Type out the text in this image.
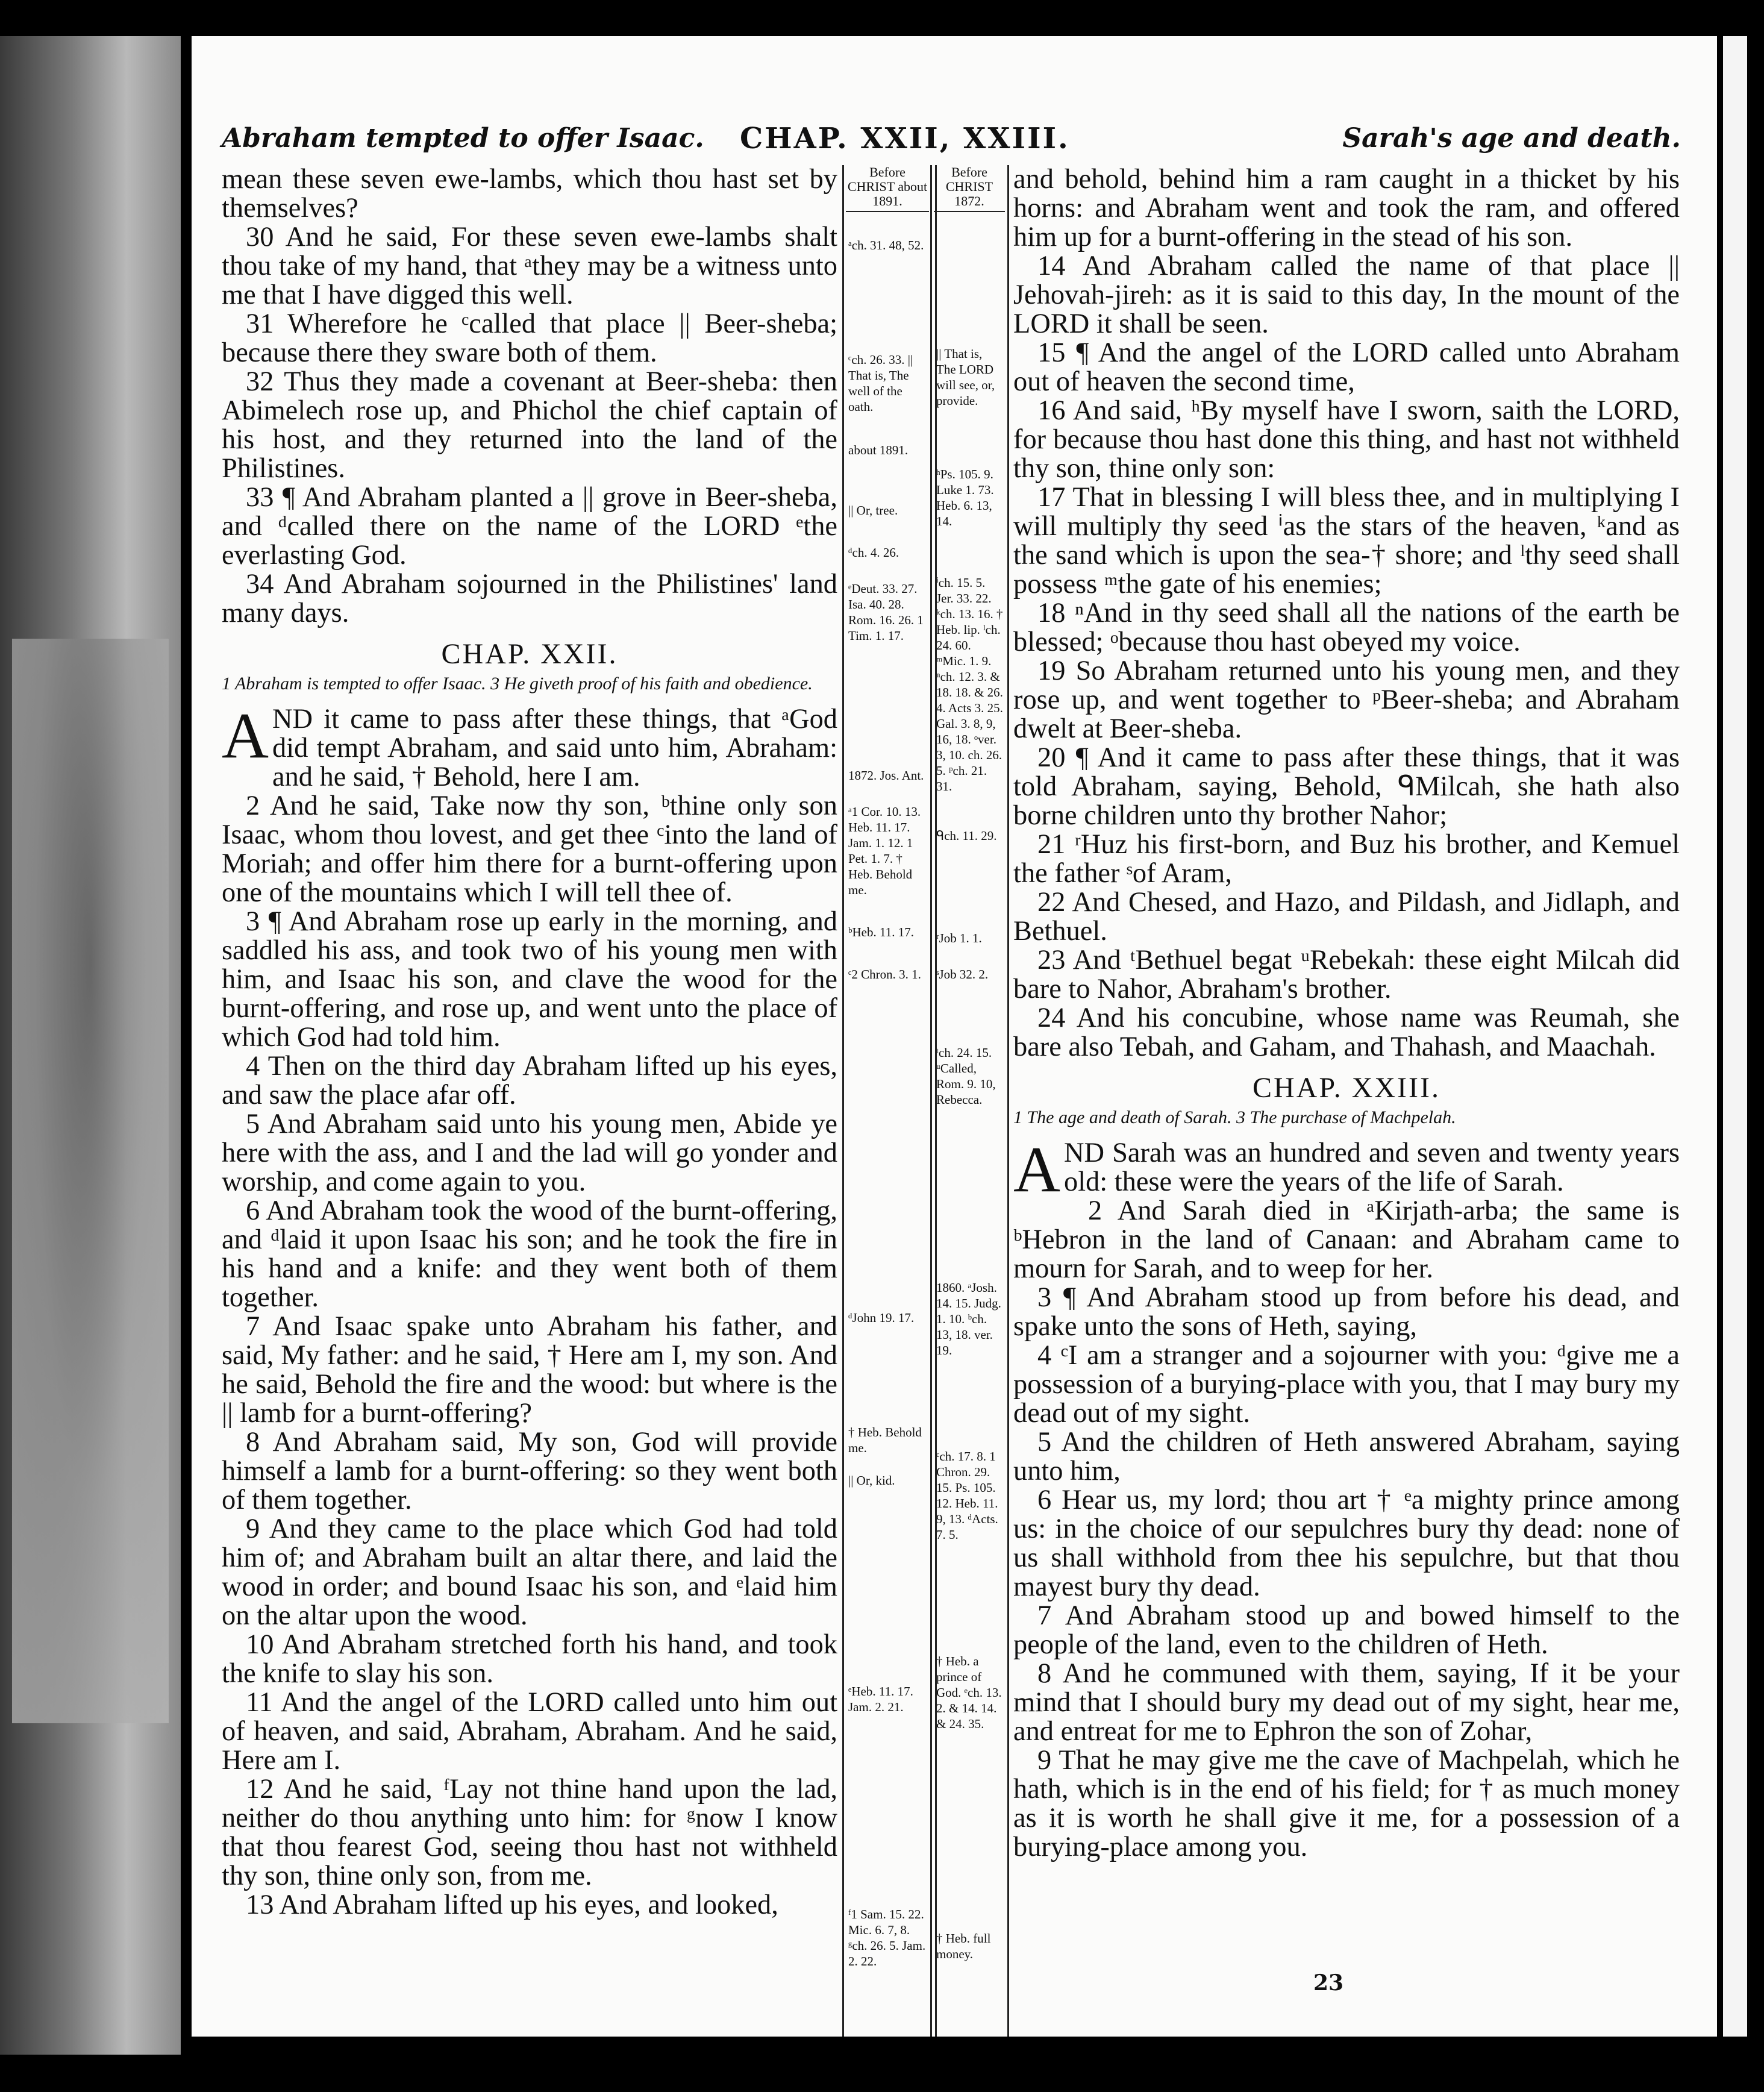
Abraham tempted to offer Isaac. CHAP. XXII, XXIII.	Sarah's age and death.

mean these seven ewe-lambs, which thou hast set by themselves?

30 And he said, For these seven ewe-lambs shalt thou take of my hand, that ᵃthey may be a witness unto me that I have digged this well.

31 Wherefore he ᶜcalled that place || Beer-sheba; because there they sware both of them.

32 Thus they made a covenant at Beer-sheba: then Abimelech rose up, and Phichol the chief captain of his host, and they returned into the land of the Philistines.

33 ¶ And Abraham planted a || grove in Beer-sheba, and ᵈcalled there on the name of the LORD ᵉthe everlasting God.

34 And Abraham sojourned in the Philistines' land many days.

CHAP. XXII.

1 Abraham is tempted to offer Isaac. 3 He giveth proof of his faith and obedience.

AND it came to pass after these things, that ᵃGod did tempt Abraham, and said unto him, Abraham: and he said, † Behold, here I am.

2 And he said, Take now thy son, ᵇthine only son Isaac, whom thou lovest, and get thee ᶜinto the land of Moriah; and offer him there for a burnt-offering upon one of the mountains which I will tell thee of.

3 ¶ And Abraham rose up early in the morning, and saddled his ass, and took two of his young men with him, and Isaac his son, and clave the wood for the burnt-offering, and rose up, and went unto the place of which God had told him.

4 Then on the third day Abraham lifted up his eyes, and saw the place afar off.

5 And Abraham said unto his young men, Abide ye here with the ass, and I and the lad will go yonder and worship, and come again to you.

6 And Abraham took the wood of the burnt-offering, and ᵈlaid it upon Isaac his son; and he took the fire in his hand and a knife: and they went both of them together.

7 And Isaac spake unto Abraham his father, and said, My father: and he said, † Here am I, my son. And he said, Behold the fire and the wood: but where is the || lamb for a burnt-offering?

8 And Abraham said, My son, God will provide himself a lamb for a burnt-offering: so they went both of them together.

9 And they came to the place which God had told him of; and Abraham built an altar there, and laid the wood in order; and bound Isaac his son, and ᵉlaid him on the altar upon the wood.

10 And Abraham stretched forth his hand, and took the knife to slay his son.

11 And the angel of the LORD called unto him out of heaven, and said, Abraham, Abraham. And he said, Here am I.

12 And he said, ᶠLay not thine hand upon the lad, neither do thou anything unto him: for ᵍnow I know that thou fearest God, seeing thou hast not withheld thy son, thine only son, from me.

13 And Abraham lifted up his eyes, and looked,

Before CHRIST about 1891.
ᵃch. 31. 48, 52.
ᶜch. 26. 33. || That is, The well of the oath.
about 1891.
|| Or, tree.
ᵈch. 4. 26.
ᵉDeut. 33. 27. Isa. 40. 28. Rom. 16. 26. 1 Tim. 1. 17.
1872. Jos. Ant.
ᵃ1 Cor. 10. 13. Heb. 11. 17. Jam. 1. 12. 1 Pet. 1. 7. † Heb. Behold me.
ᵇHeb. 11. 17.
ᶜ2 Chron. 3. 1.
ᵈJohn 19. 17.
† Heb. Behold me.
|| Or, kid.
ᵉHeb. 11. 17. Jam. 2. 21.
ᶠ1 Sam. 15. 22. Mic. 6. 7, 8. ᵍch. 26. 5. Jam. 2. 22.
Before CHRIST 1872.
|| That is, The LORD will see, or, provide.
ʰPs. 105. 9. Luke 1. 73. Heb. 6. 13, 14.
ⁱch. 15. 5. Jer. 33. 22. ᵏch. 13. 16. † Heb. lip. ˡch. 24. 60. ᵐMic. 1. 9. ⁿch. 12. 3. & 18. 18. & 26. 4. Acts 3. 25. Gal. 3. 8, 9, 16, 18. ᵒver. 3, 10. ch. 26. 5. ᵖch. 21. 31.
ᑫch. 11. 29.
ʳJob 1. 1.
ˢJob 32. 2.
ᵗch. 24. 15. ᵘCalled, Rom. 9. 10, Rebecca.
1860. ᵃJosh. 14. 15. Judg. 1. 10. ᵇch. 13, 18. ver. 19.
ᶜch. 17. 8. 1 Chron. 29. 15. Ps. 105. 12. Heb. 11. 9, 13. ᵈActs. 7. 5.
† Heb. a prince of God. ᵉch. 13. 2. & 14. 14. & 24. 35.
† Heb. full money.

and behold, behind him a ram caught in a thicket by his horns: and Abraham went and took the ram, and offered him up for a burnt-offering in the stead of his son.

14 And Abraham called the name of that place || Jehovah-jireh: as it is said to this day, In the mount of the LORD it shall be seen.

15 ¶ And the angel of the LORD called unto Abraham out of heaven the second time,

16 And said, ʰBy myself have I sworn, saith the LORD, for because thou hast done this thing, and hast not withheld thy son, thine only son:

17 That in blessing I will bless thee, and in multiplying I will multiply thy seed ⁱas the stars of the heaven, ᵏand as the sand which is upon the sea-† shore; and ˡthy seed shall possess ᵐthe gate of his enemies;

18 ⁿAnd in thy seed shall all the nations of the earth be blessed; ᵒbecause thou hast obeyed my voice.

19 So Abraham returned unto his young men, and they rose up, and went together to ᵖBeer-sheba; and Abraham dwelt at Beer-sheba.

20 ¶ And it came to pass after these things, that it was told Abraham, saying, Behold, ᑫMilcah, she hath also borne children unto thy brother Nahor;

21 ʳHuz his first-born, and Buz his brother, and Kemuel the father ˢof Aram,

22 And Chesed, and Hazo, and Pildash, and Jidlaph, and Bethuel.

23 And ᵗBethuel begat ᵘRebekah: these eight Milcah did bare to Nahor, Abraham's brother.

24 And his concubine, whose name was Reumah, she bare also Tebah, and Gaham, and Thahash, and Maachah.

CHAP. XXIII.

1 The age and death of Sarah. 3 The purchase of Machpelah.

AND Sarah was an hundred and seven and twenty years old: these were the years of the life of Sarah.

2 And Sarah died in ᵃKirjath-arba; the same is ᵇHebron in the land of Canaan: and Abraham came to mourn for Sarah, and to weep for her.

3 ¶ And Abraham stood up from before his dead, and spake unto the sons of Heth, saying,

4 ᶜI am a stranger and a sojourner with you: ᵈgive me a possession of a burying-place with you, that I may bury my dead out of my sight.

5 And the children of Heth answered Abraham, saying unto him,

6 Hear us, my lord; thou art † ᵉa mighty prince among us: in the choice of our sepulchres bury thy dead: none of us shall withhold from thee his sepulchre, but that thou mayest bury thy dead.

7 And Abraham stood up and bowed himself to the people of the land, even to the children of Heth.

8 And he communed with them, saying, If it be your mind that I should bury my dead out of my sight, hear me, and entreat for me to Ephron the son of Zohar,

9 That he may give me the cave of Machpelah, which he hath, which is in the end of his field; for † as much money as it is worth he shall give it me, for a possession of a burying-place among you.

23
